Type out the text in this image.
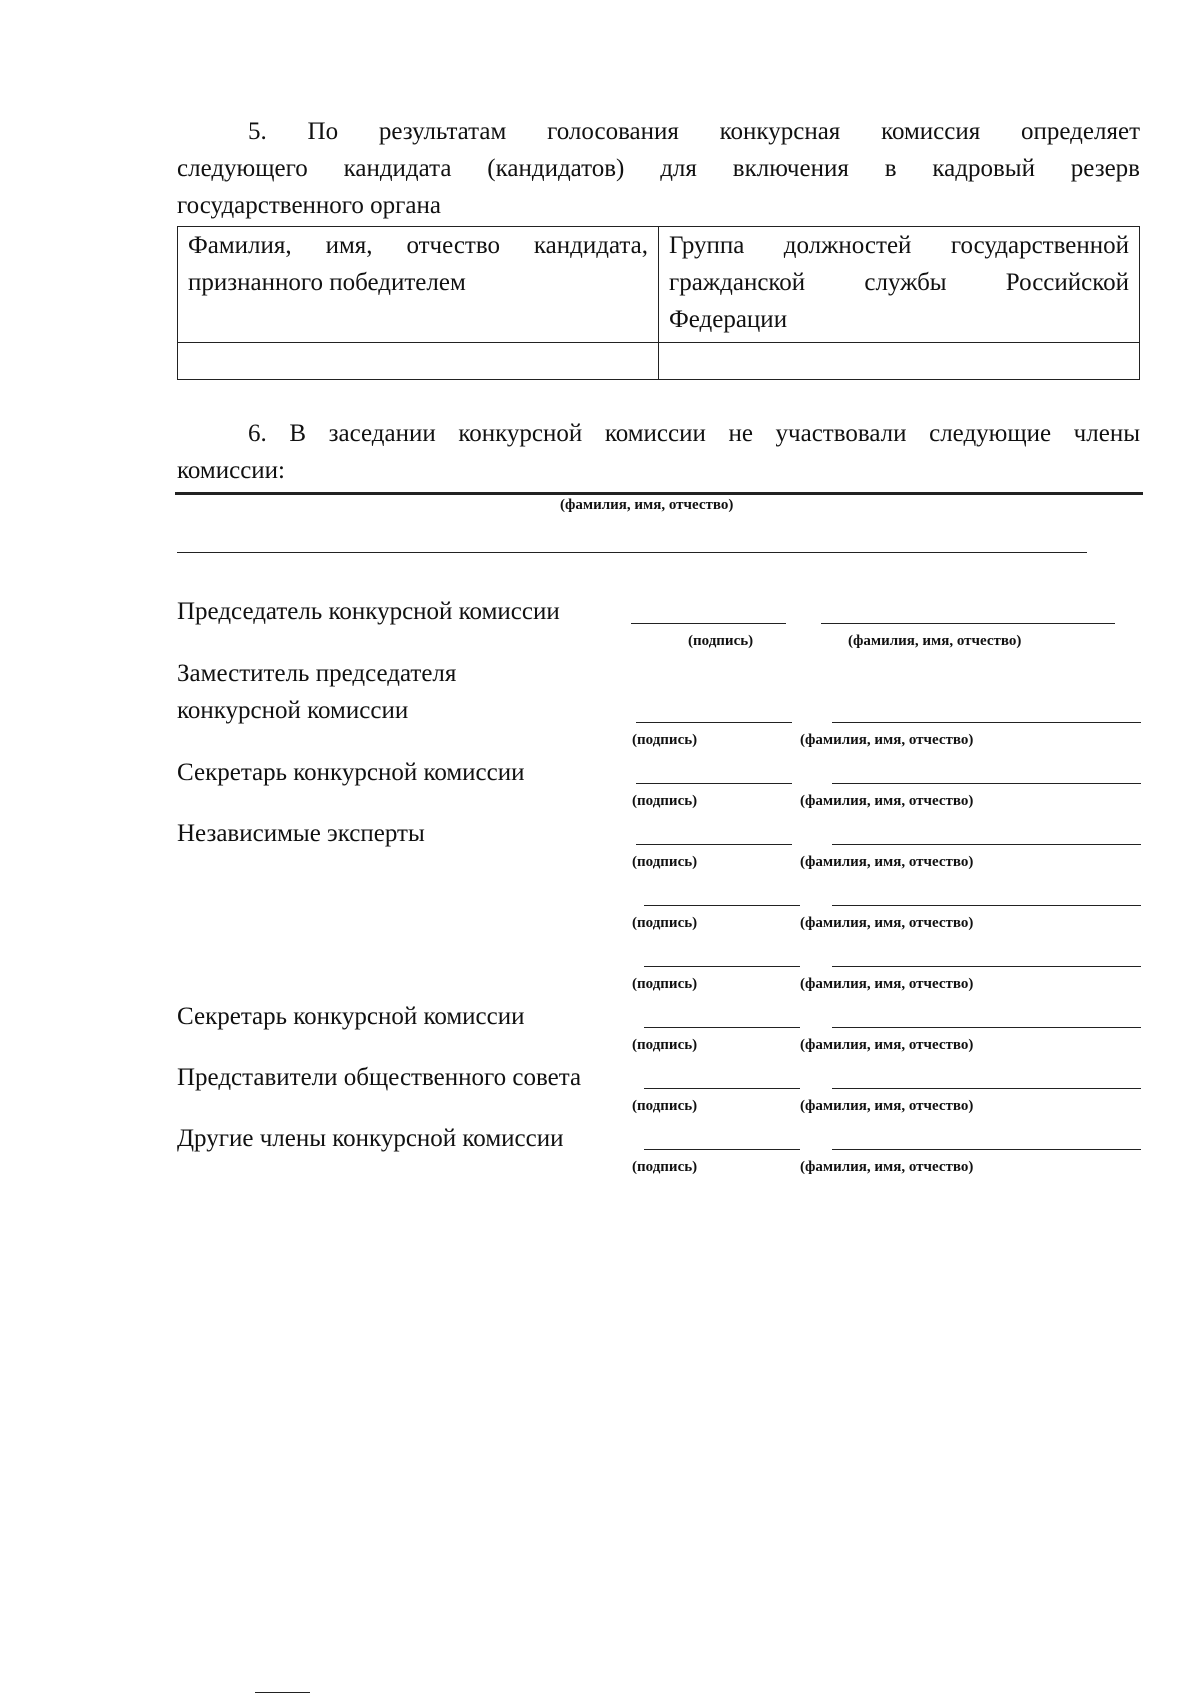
5. По результатам голосования конкурсная комиссия определяет
следующего кандидата (кандидатов) для включения в кадровый резерв
государственного органа
Фамилия, имя, отчество кандидата, признанного победителем	Группа должностей государственной гражданской службы Российской Федерации

6. В заседании конкурсной комиссии не участвовали следующие члены
комиссии:
(фамилия, имя, отчество)
Председатель конкурсной комиссии
(подпись)	(фамилия, имя, отчество)
Заместитель председателя
конкурсной комиссии
(подпись)	(фамилия, имя, отчество)
Секретарь конкурсной комиссии
(подпись)	(фамилия, имя, отчество)
Независимые эксперты
(подпись)	(фамилия, имя, отчество)
(подпись)	(фамилия, имя, отчество)
(подпись)	(фамилия, имя, отчество)
Секретарь конкурсной комиссии
(подпись)	(фамилия, имя, отчество)
Представители общественного совета
(подпись)	(фамилия, имя, отчество)
Другие члены конкурсной комиссии
(подпись)	(фамилия, имя, отчество)
